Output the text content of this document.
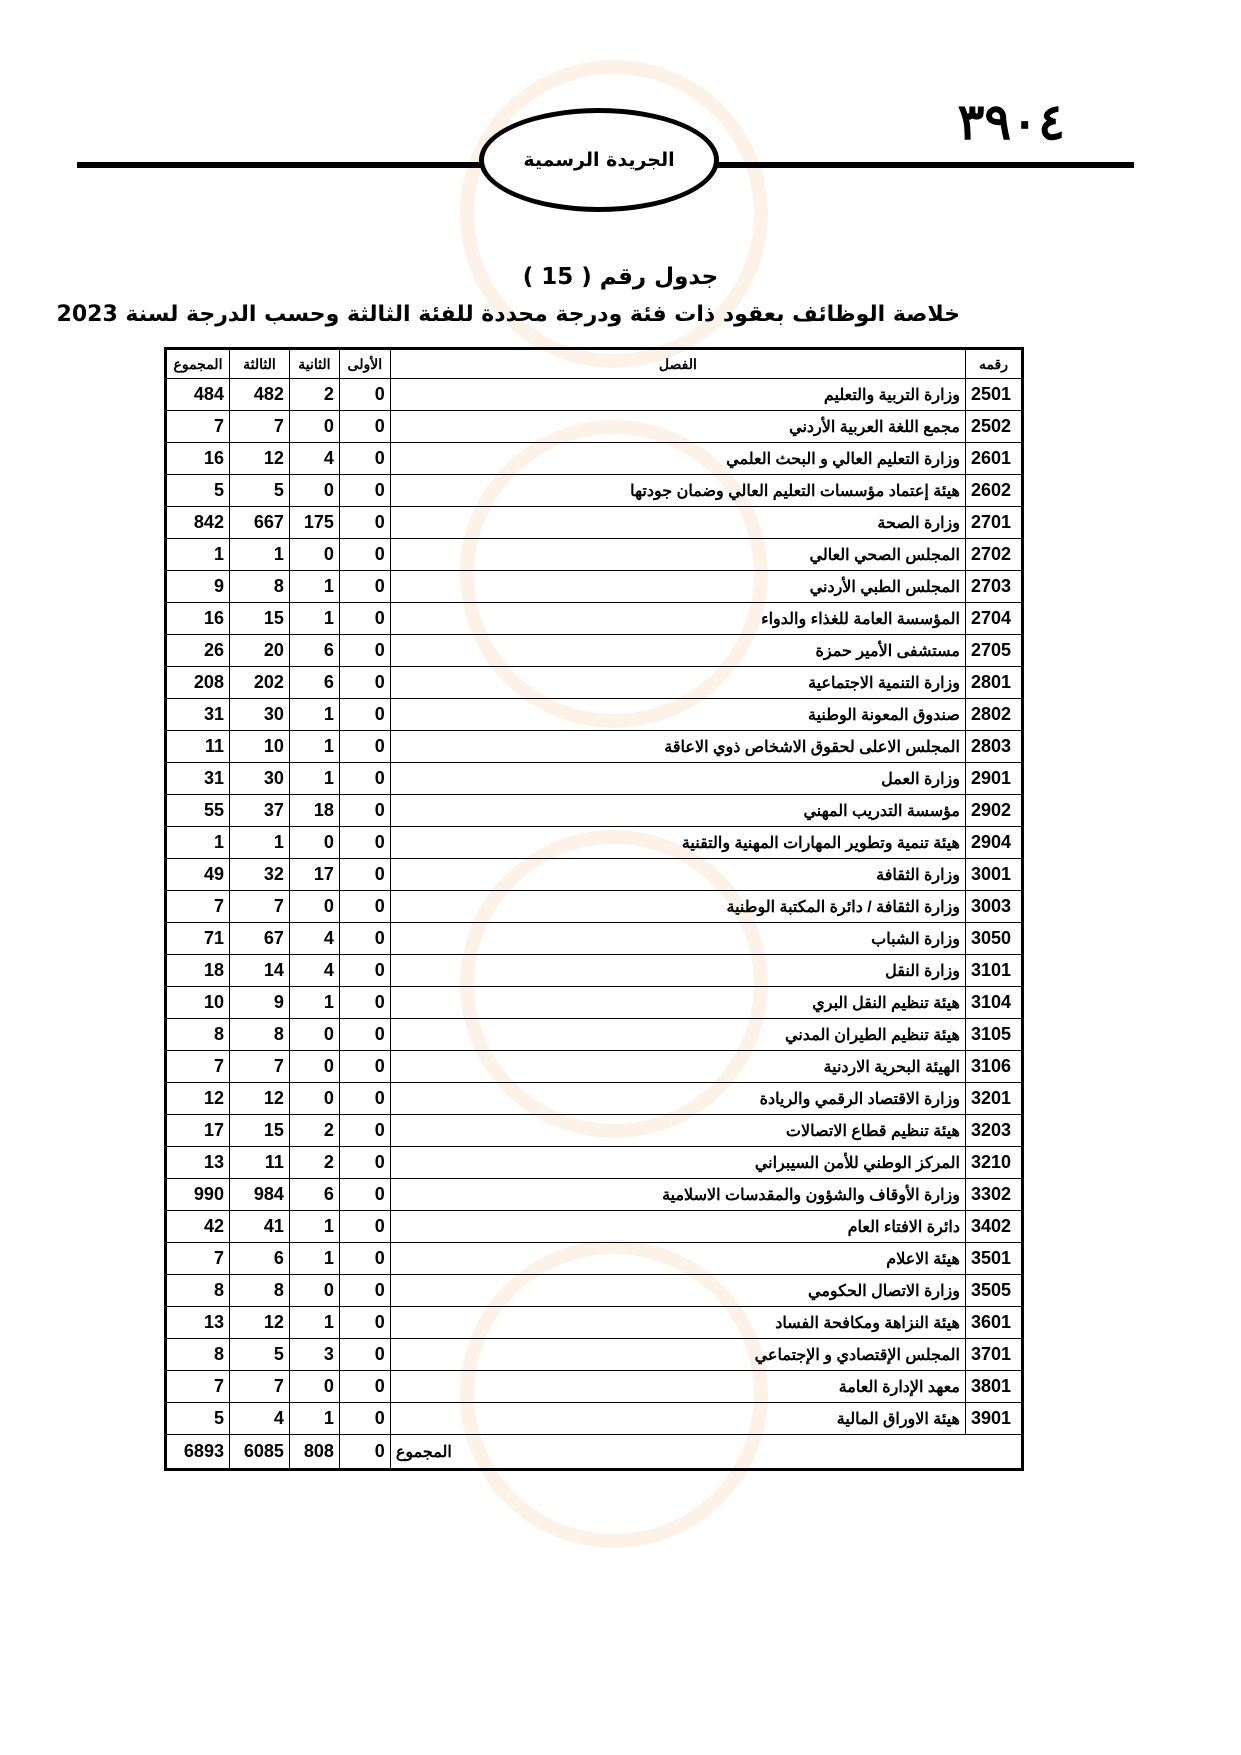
الجريدة الرسمية
٣٩٠٤
جدول رقم ( 15 )
خلاصة الوظائف بعقود ذات فئة ودرجة محددة للفئة الثالثة وحسب الدرجة لسنة 2023
المجموع	الثالثة	الثانية	الأولى	الفصل	رقمه
484	482	2	0	وزارة التربية والتعليم	2501
7	7	0	0	مجمع اللغة العربية الأردني	2502
16	12	4	0	وزارة التعليم العالي و البحث العلمي	2601
5	5	0	0	هيئة إعتماد مؤسسات التعليم العالي وضمان جودتها	2602
842	667	175	0	وزارة الصحة	2701
1	1	0	0	المجلس الصحي العالي	2702
9	8	1	0	المجلس الطبي الأردني	2703
16	15	1	0	المؤسسة العامة للغذاء والدواء	2704
26	20	6	0	مستشفى الأمير حمزة	2705
208	202	6	0	وزارة التنمية الاجتماعية	2801
31	30	1	0	صندوق المعونة الوطنية	2802
11	10	1	0	المجلس الاعلى لحقوق الاشخاص ذوي الاعاقة	2803
31	30	1	0	وزارة العمل	2901
55	37	18	0	مؤسسة التدريب المهني	2902
1	1	0	0	هيئة تنمية وتطوير المهارات المهنية والتقنية	2904
49	32	17	0	وزارة الثقافة	3001
7	7	0	0	وزارة الثقافة / دائرة المكتبة الوطنية	3003
71	67	4	0	وزارة الشباب	3050
18	14	4	0	وزارة النقل	3101
10	9	1	0	هيئة تنظيم النقل البري	3104
8	8	0	0	هيئة تنظيم الطيران المدني	3105
7	7	0	0	الهيئة البحرية الاردنية	3106
12	12	0	0	وزارة الاقتصاد الرقمي والريادة	3201
17	15	2	0	هيئة تنظيم قطاع الاتصالات	3203
13	11	2	0	المركز الوطني للأمن السيبراني	3210
990	984	6	0	وزارة الأوقاف والشؤون والمقدسات الاسلامية	3302
42	41	1	0	دائرة الافتاء العام	3402
7	6	1	0	هيئة الاعلام	3501
8	8	0	0	وزارة الاتصال الحكومي	3505
13	12	1	0	هيئة النزاهة ومكافحة الفساد	3601
8	5	3	0	المجلس الإقتصادي و الإجتماعي	3701
7	7	0	0	معهد الإدارة العامة	3801
5	4	1	0	هيئة الاوراق المالية	3901
6893	6085	808	0	المجموع	
